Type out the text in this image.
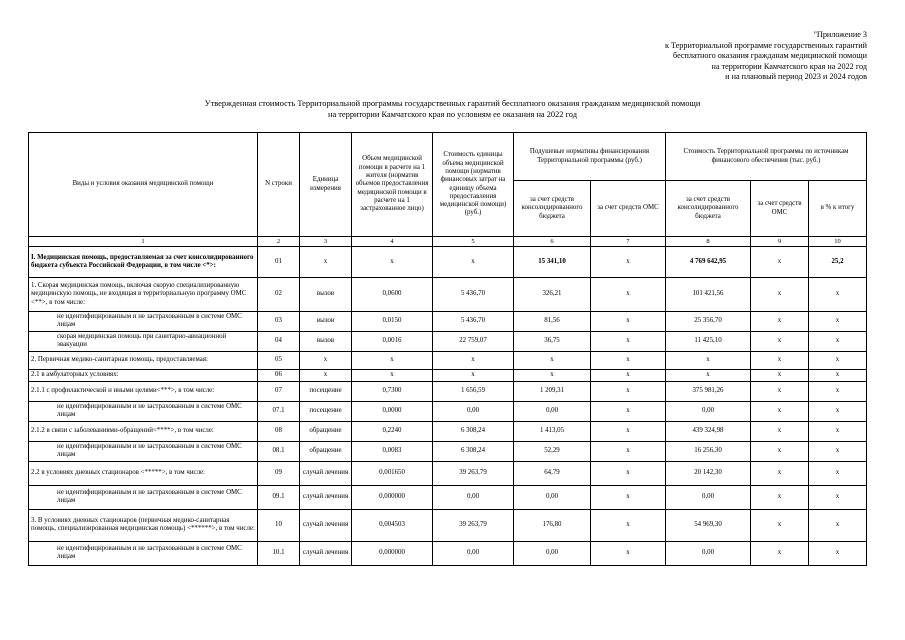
"Приложение 3
к Территориальной программе государственных гарантий
бесплатного оказания гражданам медицинской помощи
на территории Камчатского края на 2022 год
и на плановый период 2023 и 2024 годов
Утвержденная стоимость Территориальной программы государственных гарантий бесплатного оказания гражданам медицинской помощи
на территории Камчатского края по условиям ее оказания на 2022 год
Виды и условия оказания медицинской помощи	N строки	Единица измерения	Объем медицинской помощи в расчете на 1 жителя (норматив объемов предоставления медицинской помощи в расчете на 1 застрахованное лицо)	Стоимость единицы объема медицинской помощи (норматив финансовых затрат на единицу объема предоставления медицинской помощи) (руб.)	Подушевые нормативы финансирования Территориальной программы (руб.)		Стоимость Территориальной программы по источникам финансового обеспечения (тыс. руб.)		
					за счет средств консолидированного бюджета	за счет средств ОМС	за счет средств консолидированного бюджета	за счет средств ОМС	в % к итогу
1	2	3	4	5	6	7	8	9	10
I. Медицинская помощь, предоставляемая за счет консолидированного бюджета субъекта Российской Федерации, в том числе <*>:	01	х	х	х	15 341,10	х	4 769 642,95	х	25,2
1. Скорая медицинская помощь, включая скорую специализированную медицинскую помощь, не входящая в территориальную программу ОМС <**>, в том числе:	02	вызов	0,0600	5 436,70	326,21	х	101 421,56	х	х
не идентифицированным и не застрахованным в системе ОМС лицам	03	вызов	0,0150	5 436,70	81,56	х	25 356,70	х	х
скорая медицинская помощь при санитарно-авиационной эвакуации	04	вызов	0,0016	22 759,07	36,75	х	11 425,10	х	х
2. Первичная медико-санитарная помощь, предоставляемая:	05	х	х	х	х	х	х	х	х
2.1 в амбулаторных условиях:	06	х	х	х	х	х	х	х	х
2.1.1 с профилактической и иными целями<***>, в том числе:	07	посещение	0,7300	1 656,59	1 209,31	х	375 981,26	х	х
не идентифицированным и не застрахованным в системе ОМС лицам	07.1	посещение	0,0000	0,00	0,00	х	0,00	х	х
2.1.2 в связи с заболеваниями-обращений<****>, в том числе:	08	обращение	0,2240	6 308,24	1 413,05	х	439 324,98	х	х
не идентифицированным и не застрахованным в системе ОМС лицам	08.1	обращение	0,0083	6 308,24	52,29	х	16 256,30	х	х
2.2 в условиях дневных стационаров <*****>, в том числе:	09	случай лечения	0,001650	39 263,79	64,79	х	20 142,30	х	х
не идентифицированным и не застрахованным в системе ОМС лицам	09.1	случай лечения	0,000000	0,00	0,00	х	0,00	х	х
3. В условиях дневных стационаров (первичная медико-санитарная помощь, специализированная медицинская помощь) <******>, в том числе:	10	случай лечения	0,004503	39 263,79	176,80	х	54 969,30	х	х
не идентифицированным и не застрахованным в системе ОМС лицам	10.1	случай лечения	0,000000	0,00	0,00	х	0,00	х	х
